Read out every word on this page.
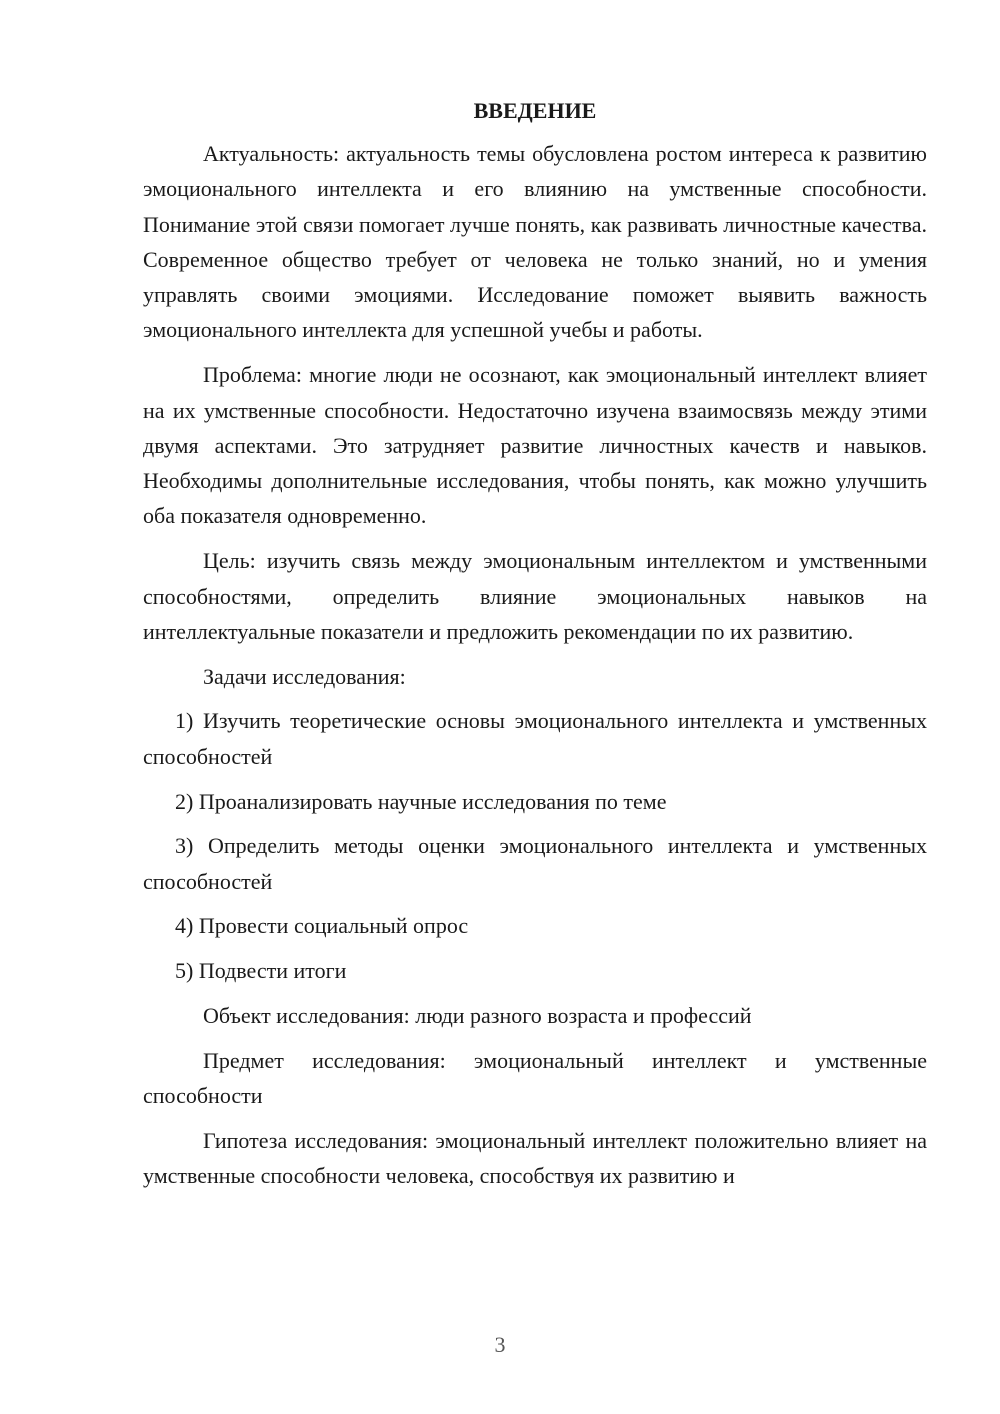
ВВЕДЕНИЕ

Актуальность: актуальность темы обусловлена ростом интереса к развитию эмоционального интеллекта и его влиянию на умственные способности. Понимание этой связи помогает лучше понять, как развивать личностные качества. Современное общество требует от человека не только знаний, но и умения управлять своими эмоциями. Исследование поможет выявить важность эмоционального интеллекта для успешной учебы и работы.

Проблема: многие люди не осознают, как эмоциональный интеллект влияет на их умственные способности. Недостаточно изучена взаимосвязь между этими двумя аспектами. Это затрудняет развитие личностных качеств и навыков. Необходимы дополнительные исследования, чтобы понять, как можно улучшить оба показателя одновременно.

Цель: изучить связь между эмоциональным интеллектом и умственными способностями, определить влияние эмоциональных навыков на интеллектуальные показатели и предложить рекомендации по их развитию.

Задачи исследования:

1) Изучить теоретические основы эмоционального интеллекта и умственных способностей

2) Проанализировать научные исследования по теме

3) Определить методы оценки эмоционального интеллекта и умственных способностей

4) Провести социальный опрос

5) Подвести итоги

Объект исследования: люди разного возраста и профессий

Предмет исследования: эмоциональный интеллект и умственные способности

Гипотеза исследования: эмоциональный интеллект положительно влияет на умственные способности человека, способствуя их развитию и

3
